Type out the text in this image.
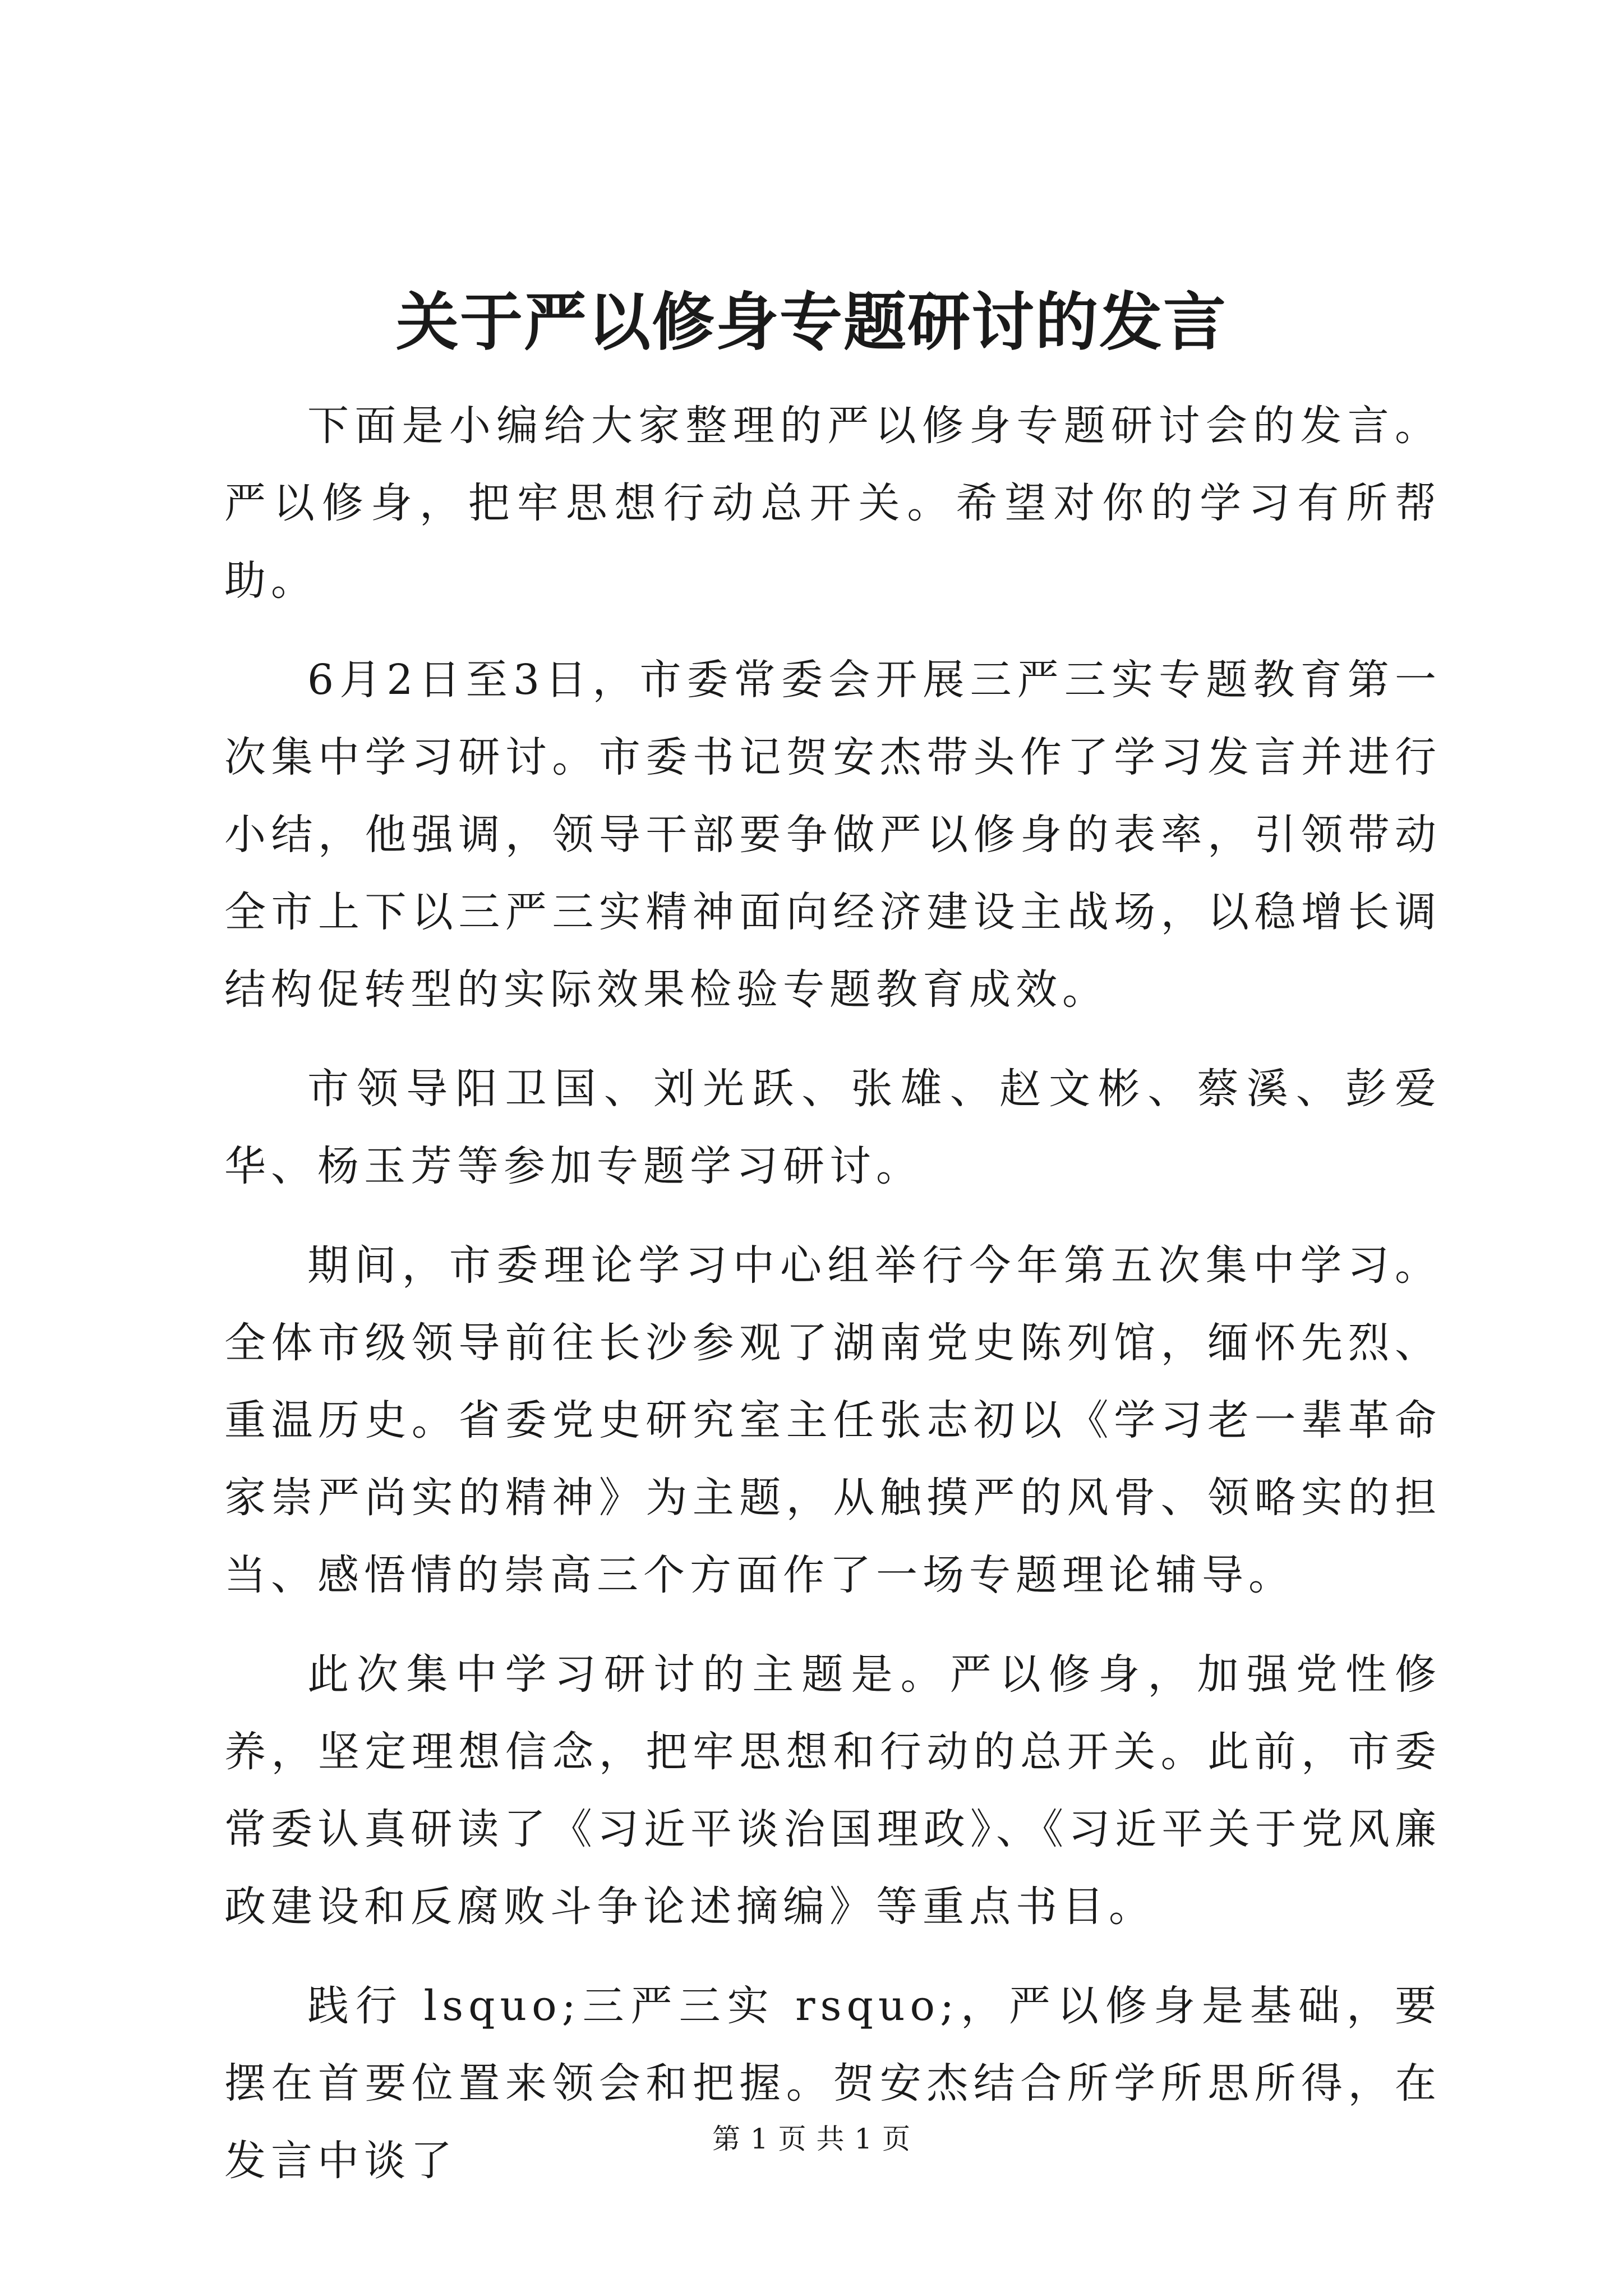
关于严以修身专题研讨的发言

下面是小编给大家整理的严以修身专题研讨会的发言。严以修身，把牢思想行动总开关。希望对你的学习有所帮助。

6月2日至3日，市委常委会开展三严三实专题教育第一次集中学习研讨。市委书记贺安杰带头作了学习发言并进行小结，他强调，领导干部要争做严以修身的表率，引领带动全市上下以三严三实精神面向经济建设主战场，以稳增长调结构促转型的实际效果检验专题教育成效。

市领导阳卫国、刘光跃、张雄、赵文彬、蔡溪、彭爱华、杨玉芳等参加专题学习研讨。

期间，市委理论学习中心组举行今年第五次集中学习。全体市级领导前往长沙参观了湖南党史陈列馆，缅怀先烈、重温历史。省委党史研究室主任张志初以《学习老一辈革命家崇严尚实的精神》为主题，从触摸严的风骨、领略实的担当、感悟情的崇高三个方面作了一场专题理论辅导。

此次集中学习研讨的主题是。严以修身，加强党性修养，坚定理想信念，把牢思想和行动的总开关。此前，市委常委认真研读了《习近平谈治国理政》、《习近平关于党风廉政建设和反腐败斗争论述摘编》等重点书目。

践行 lsquo;三严三实 rsquo;，严以修身是基础，要摆在首要位置来领会和把握。贺安杰结合所学所思所得，在发言中谈了	第 1 页 共 1 页
